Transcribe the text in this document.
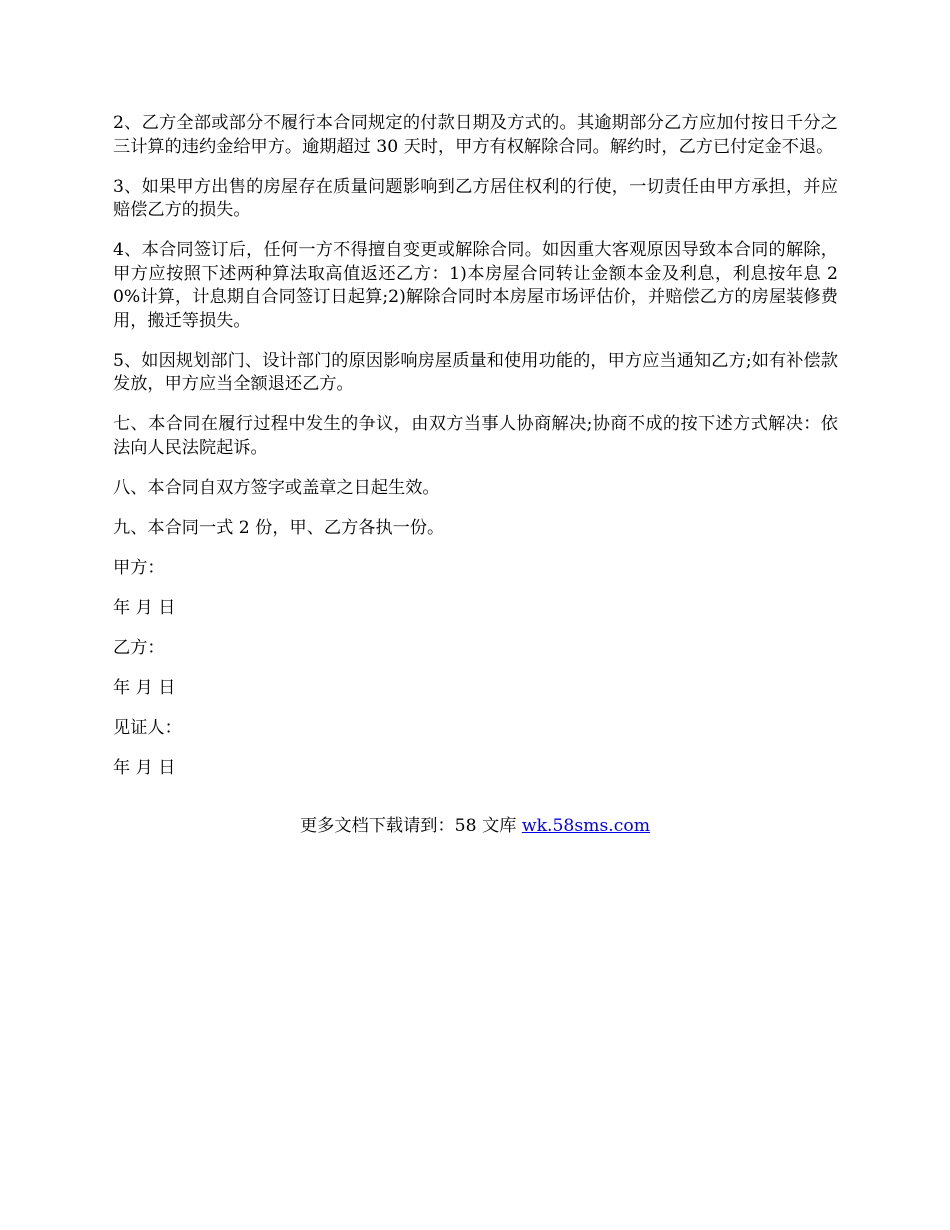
2、乙方全部或部分不履行本合同规定的付款日期及方式的。其逾期部分乙方应加付按日千分之三计算的违约金给甲方。逾期超过 30 天时，甲方有权解除合同。解约时，乙方已付定金不退。

3、如果甲方出售的房屋存在质量问题影响到乙方居住权利的行使，一切责任由甲方承担，并应赔偿乙方的损失。

4、本合同签订后，任何一方不得擅自变更或解除合同。如因重大客观原因导致本合同的解除，甲方应按照下述两种算法取高值返还乙方：1)本房屋合同转让金额本金及利息，利息按年息 20%计算，计息期自合同签订日起算;2)解除合同时本房屋市场评估价，并赔偿乙方的房屋装修费用，搬迁等损失。

5、如因规划部门、设计部门的原因影响房屋质量和使用功能的，甲方应当通知乙方;如有补偿款发放，甲方应当全额退还乙方。

七、本合同在履行过程中发生的争议，由双方当事人协商解决;协商不成的按下述方式解决：依法向人民法院起诉。

八、本合同自双方签字或盖章之日起生效。

九、本合同一式 2 份，甲、乙方各执一份。

甲方：
年 月 日
乙方：
年 月 日
见证人：
年 月 日
更多文档下载请到：58 文库 wk.58sms.com
